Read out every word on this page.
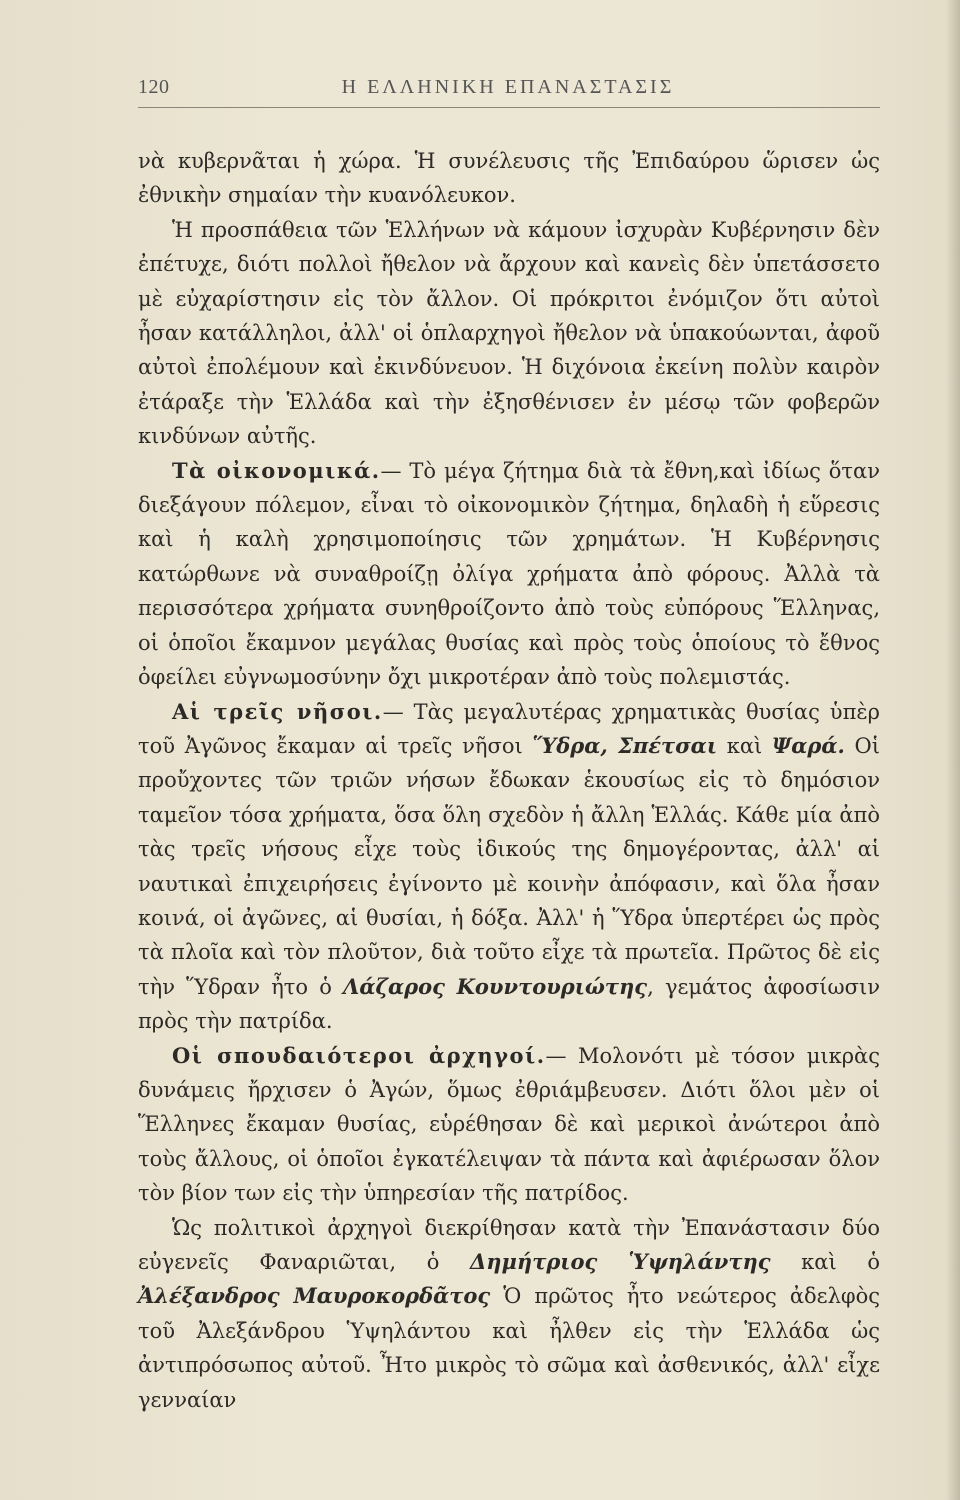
120	Η ΕΛΛΗΝΙΚΗ ΕΠΑΝΑΣΤΑΣΙΣ

νὰ κυβερνᾶται ἡ χώρα. Ἡ συνέλευσις τῆς Ἐπιδαύρου ὥρισεν ὡς ἐθνικὴν σημαίαν τὴν κυανόλευκον.

Ἡ προσπάθεια τῶν Ἑλλήνων νὰ κάμουν ἰσχυρὰν Κυβέρνησιν δὲν ἐπέτυχε, διότι πολλοὶ ἤθελον νὰ ἄρχουν καὶ κανεὶς δὲν ὑπετάσσετο μὲ εὐχαρίστησιν εἰς τὸν ἄλλον. Οἱ πρόκριτοι ἐνόμιζον ὅτι αὐτοὶ ἦσαν κατάλληλοι, ἀλλ' οἱ ὁπλαρχηγοὶ ἤθελον νὰ ὑπακούωνται, ἀφοῦ αὐτοὶ ἐπολέμουν καὶ ἐκινδύνευον. Ἡ διχόνοια ἐκείνη πολὺν καιρὸν ἐτάραξε τὴν Ἑλλάδα καὶ τὴν ἐξησθένισεν ἐν μέσῳ τῶν φοβερῶν κινδύνων αὐτῆς.

Τὰ οἰκονομικά.— Τὸ μέγα ζήτημα διὰ τὰ ἔθνη,καὶ ἰδίως ὅταν διεξάγουν πόλεμον, εἶναι τὸ οἰκονομικὸν ζήτημα, δηλαδὴ ἡ εὕρεσις καὶ ἡ καλὴ χρησιμοποίησις τῶν χρημάτων. Ἡ Κυβέρνησις κατώρθωνε νὰ συναθροίζῃ ὀλίγα χρήματα ἀπὸ φόρους. Ἀλλὰ τὰ περισσότερα χρήματα συνηθροίζοντο ἀπὸ τοὺς εὐπόρους Ἕλληνας, οἱ ὁποῖοι ἔκαμνον μεγάλας θυσίας καὶ πρὸς τοὺς ὁποίους τὸ ἔθνος ὀφείλει εὐγνωμοσύνην ὄχι μικροτέραν ἀπὸ τοὺς πολεμιστάς.

Αἱ τρεῖς νῆσοι.— Τὰς μεγαλυτέρας χρηματικὰς θυσίας ὑπὲρ τοῦ Ἀγῶνος ἔκαμαν αἱ τρεῖς νῆσοι Ὕδρα, Σπέτσαι καὶ Ψαρά. Οἱ προὔχοντες τῶν τριῶν νήσων ἔδωκαν ἑκουσίως εἰς τὸ δημόσιον ταμεῖον τόσα χρήματα, ὅσα ὅλη σχεδὸν ἡ ἄλλη Ἑλλάς. Κάθε μία ἀπὸ τὰς τρεῖς νήσους εἶχε τοὺς ἰδικούς της δημογέροντας, ἀλλ' αἱ ναυτικαὶ ἐπιχειρήσεις ἐγίνοντο μὲ κοινὴν ἀπόφασιν, καὶ ὅλα ἦσαν κοινά, οἱ ἀγῶνες, αἱ θυσίαι, ἡ δόξα. Ἀλλ' ἡ Ὕδρα ὑπερτέρει ὡς πρὸς τὰ πλοῖα καὶ τὸν πλοῦτον, διὰ τοῦτο εἶχε τὰ πρωτεῖα. Πρῶτος δὲ εἰς τὴν Ὕδραν ἦτο ὁ Λάζαρος Κουντουριώτης, γεμάτος ἀφοσίωσιν πρὸς τὴν πατρίδα.

Οἱ σπουδαιότεροι ἀρχηγοί.— Μολονότι μὲ τόσον μικρὰς δυνάμεις ἤρχισεν ὁ Ἀγών, ὅμως ἐθριάμβευσεν. Διότι ὅλοι μὲν οἱ Ἕλληνες ἔκαμαν θυσίας, εὑρέθησαν δὲ καὶ μερικοὶ ἀνώτεροι ἀπὸ τοὺς ἄλλους, οἱ ὁποῖοι ἐγκατέλειψαν τὰ πάντα καὶ ἀφιέρωσαν ὅλον τὸν βίον των εἰς τὴν ὑπηρεσίαν τῆς πατρίδος.

Ὡς πολιτικοὶ ἀρχηγοὶ διεκρίθησαν κατὰ τὴν Ἐπανάστασιν δύο εὐγενεῖς Φαναριῶται, ὁ Δημήτριος Ὑψηλάντης καὶ ὁ Ἀλέξανδρος Μαυροκορδᾶτος Ὁ πρῶτος ἦτο νεώτερος ἀδελφὸς τοῦ Ἀλεξάνδρου Ὑψηλάντου καὶ ἦλθεν εἰς τὴν Ἑλλάδα ὡς ἀντιπρόσωπος αὐτοῦ. Ἦτο μικρὸς τὸ σῶμα καὶ ἀσθενικός, ἀλλ' εἶχε γενναίαν
